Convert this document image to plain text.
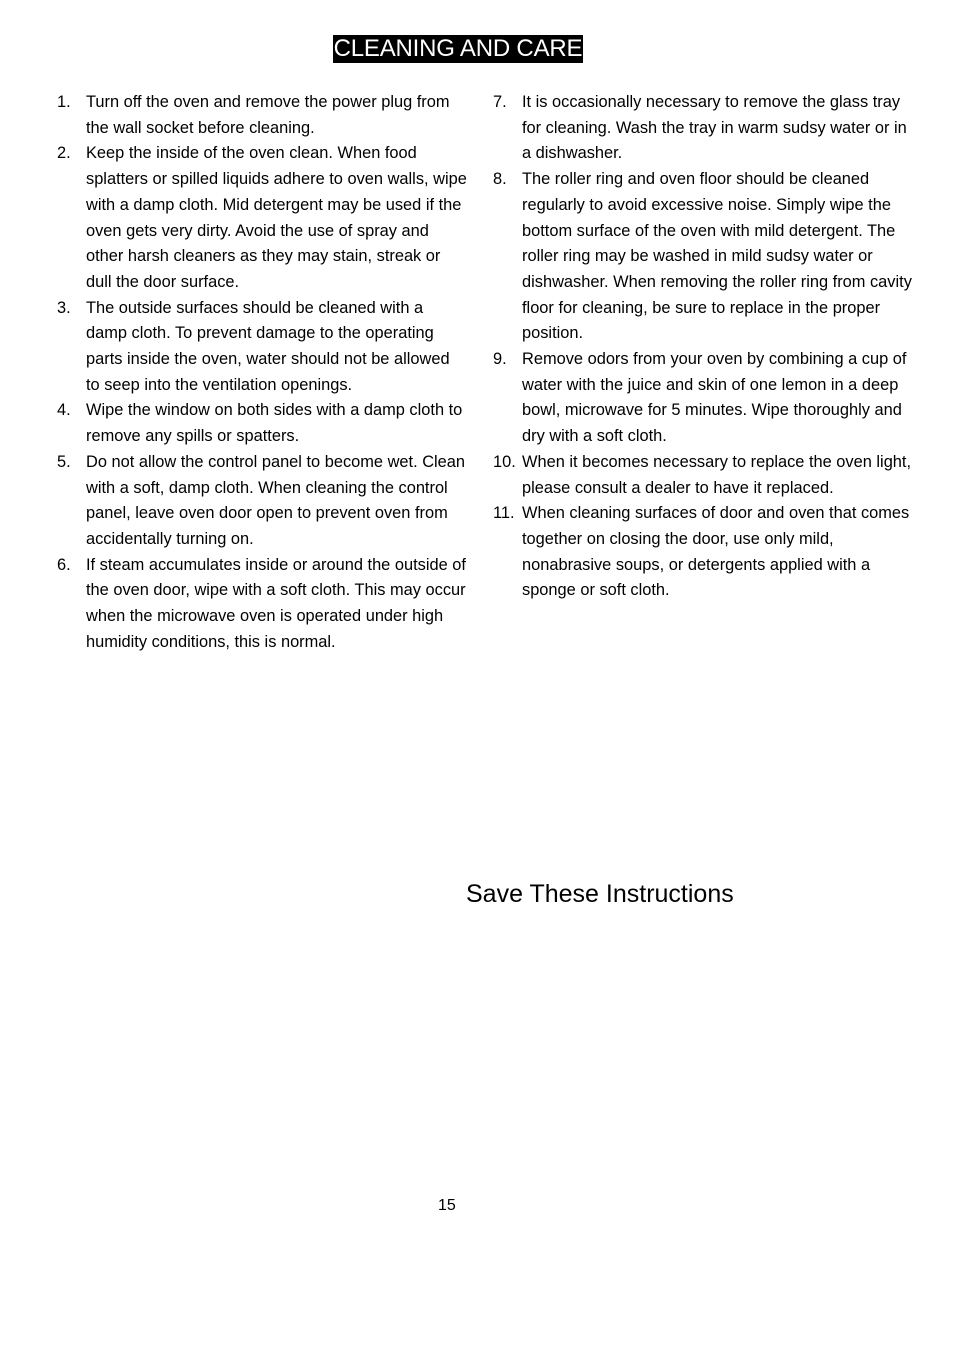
CLEANING AND CARE
1. Turn off the oven and remove the power plug from the wall socket before cleaning.
2. Keep the inside of the oven clean. When food splatters or spilled liquids adhere to oven walls, wipe with a damp cloth. Mid detergent may be used if the oven gets very dirty. Avoid the use of spray and other harsh cleaners as they may stain, streak or dull the door surface.
3. The outside surfaces should be cleaned with a damp cloth. To prevent damage to the operating parts inside the oven, water should not be allowed to seep into the ventilation openings.
4. Wipe the window on both sides with a damp cloth to remove any spills or spatters.
5. Do not allow the control panel to become wet. Clean with a soft, damp cloth. When cleaning the control panel, leave oven door open to prevent oven from accidentally turning on.
6. If steam accumulates inside or around the outside of the oven door, wipe with a soft cloth. This may occur when the microwave oven is operated under high humidity conditions, this is normal.
7. It is occasionally necessary to remove the glass tray for cleaning. Wash the tray in warm sudsy water or in a dishwasher.
8. The roller ring and oven floor should be cleaned regularly to avoid excessive noise. Simply wipe the bottom surface of the oven with mild detergent. The roller ring may be washed in mild sudsy water or dishwasher. When removing the roller ring from cavity floor for cleaning, be sure to replace in the proper position.
9. Remove odors from your oven by combining a cup of water with the juice and skin of one lemon in a deep bowl, microwave for 5 minutes. Wipe thoroughly and dry with a soft cloth.
10. When it becomes necessary to replace the oven light, please consult a dealer to have it replaced.
11. When cleaning surfaces of door and oven that comes together on closing the door, use only mild, nonabrasive soups, or detergents applied with a sponge or soft cloth.
Save These Instructions
15
